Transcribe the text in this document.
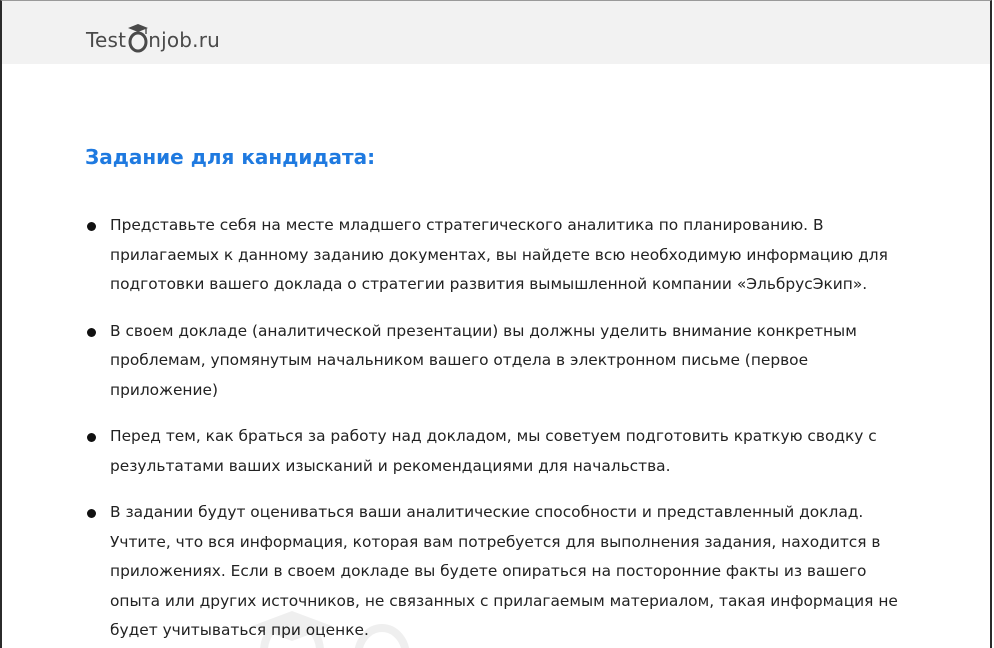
Test njob.ru
Задание для кандидата:
Представьте себя на месте младшего стратегического аналитика по планированию. В прилагаемых к данному заданию документах, вы найдете всю необходимую информацию для подготовки вашего доклада о стратегии развития вымышленной компании «ЭльбрусЭкип».
В своем докладе (аналитической презентации) вы должны уделить внимание конкретным проблемам, упомянутым начальником вашего отдела в электронном письме (первое приложение)
Перед тем, как браться за работу над докладом, мы советуем подготовить краткую сводку с результатами ваших изысканий и рекомендациями для начальства.
В задании будут оцениваться ваши аналитические способности и представленный доклад. Учтите, что вся информация, которая вам потребуется для выполнения задания, находится в приложениях. Если в своем докладе вы будете опираться на посторонние факты из вашего опыта или других источников, не связанных с прилагаемым материалом, такая информация не будет учитываться при оценке.
